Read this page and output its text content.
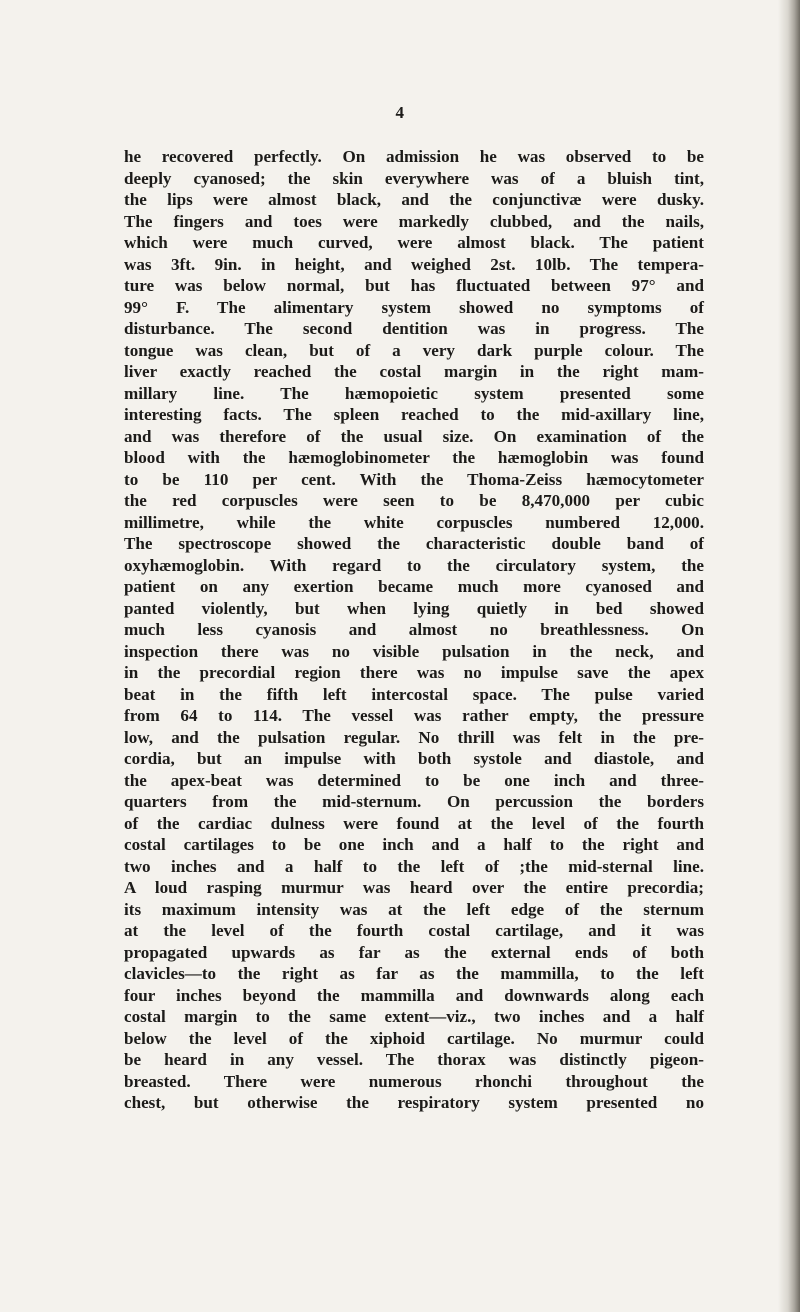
4
he recovered perfectly. On admission he was observed to be
deeply cyanosed; the skin everywhere was of a bluish tint,
the lips were almost black, and the conjunctivæ were dusky.
The fingers and toes were markedly clubbed, and the nails,
which were much curved, were almost black. The patient
was 3ft. 9in. in height, and weighed 2st. 10lb. The tempera-
ture was below normal, but has fluctuated between 97° and
99° F. The alimentary system showed no symptoms of
disturbance. The second dentition was in progress. The
tongue was clean, but of a very dark purple colour. The
liver exactly reached the costal margin in the right mam-
millary line. The hæmopoietic system presented some
interesting facts. The spleen reached to the mid-axillary line,
and was therefore of the usual size. On examination of the
blood with the hæmoglobinometer the hæmoglobin was found
to be 110 per cent. With the Thoma-Zeiss hæmocytometer
the red corpuscles were seen to be 8,470,000 per cubic
millimetre, while the white corpuscles numbered 12,000.
The spectroscope showed the characteristic double band of
oxyhæmoglobin. With regard to the circulatory system, the
patient on any exertion became much more cyanosed and
panted violently, but when lying quietly in bed showed
much less cyanosis and almost no breathlessness. On
inspection there was no visible pulsation in the neck, and
in the precordial region there was no impulse save the apex
beat in the fifth left intercostal space. The pulse varied
from 64 to 114. The vessel was rather empty, the pressure
low, and the pulsation regular. No thrill was felt in the pre-
cordia, but an impulse with both systole and diastole, and
the apex-beat was determined to be one inch and three-
quarters from the mid-sternum. On percussion the borders
of the cardiac dulness were found at the level of the fourth
costal cartilages to be one inch and a half to the right and
two inches and a half to the left of ;the mid-sternal line.
A loud rasping murmur was heard over the entire precordia;
its maximum intensity was at the left edge of the sternum
at the level of the fourth costal cartilage, and it was
propagated upwards as far as the external ends of both
clavicles—to the right as far as the mammilla, to the left
four inches beyond the mammilla and downwards along each
costal margin to the same extent—viz., two inches and a half
below the level of the xiphoid cartilage. No murmur could
be heard in any vessel. The thorax was distinctly pigeon-
breasted. There were numerous rhonchi throughout the
chest, but otherwise the respiratory system presented no
